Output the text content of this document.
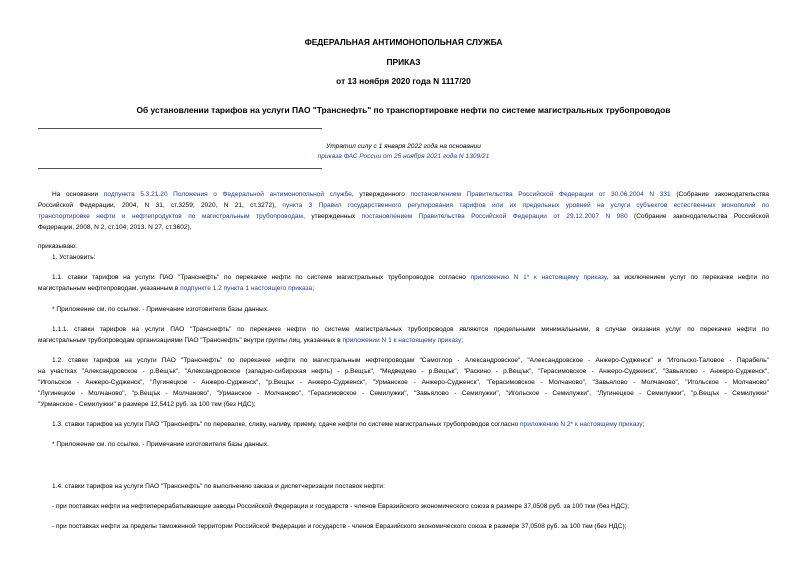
ФЕДЕРАЛЬНАЯ АНТИМОНОПОЛЬНАЯ СЛУЖБА
ПРИКАЗ
от 13 ноября 2020 года N 1117/20
Об установлении тарифов на услуги ПАО "Транснефть" по транспортировке нефти по системе магистральных трубопроводов
Утратил силу с 1 января 2022 года на основании
приказа ФАС России от 25 ноября 2021 года N 1309/21
На основании подпункта 5.3.21.20 Положения о Федеральной антимонопольной службе, утвержденного постановлением Правительства Российской Федерации от 30.06.2004 N 331 (Собрание законодательства
Российской Федерации, 2004, N 31, ст.3259; 2020, N 21, ст.3272), пункта 3 Правил государственного регулирования тарифов или их предельных уровней на услуги субъектов естественных монополий по
транспортировке нефти и нефтепродуктов по магистральным трубопроводам, утвержденных постановлением Правительства Российской Федерации от 29.12.2007 N 980 (Собрание законодательства Российской
Федерации, 2008, N 2, ст.104; 2013, N 27, ст.3602),
приказываю:
1. Установить:
1.1. ставки тарифов на услуги ПАО "Транснефть" по перекачке нефти по системе магистральных трубопроводов согласно приложению N 1* к настоящему приказу, за исключением услуг по перекачке нефти по
магистральным нефтепроводам, указанным в подпункте 1.2 пункта 1 настоящего приказа;
* Приложение см. по ссылке. - Примечание изготовителя базы данных.
1.1.1. ставки тарифов на услуги ПАО "Транснефть" по перекачке нефти по системе магистральных трубопроводов являются предельными минимальными, в случае оказания услуг по перекачке нефти по
магистральным трубопроводам организациями ПАО "Транснефть" внутри группы лиц, указанных в приложении N 1 к настоящему приказу;
1.2. ставки тарифов на услуги ПАО "Транснефть" по перекачке нефти по магистральным нефтепроводам "Самотлор - Александровское", "Александровское - Анжеро-Судженск" и "Игольско-Таловое - Парабель"
на участках "Александровское - р.Вещък", "Александровское (западно-сибирская нефть) - р.Вещък", "Медведево - р.Вещък", "Раскино - р.Вещък", "Герасимовское - Анжеро-Судженск", "Завьялово - Анжеро-Судженск",
"Игольское - Анжеро-Судженск", "Лугинецкое - Анжеро-Судженск", "р.Вещък - Анжеро-Судженск", "Урманское - Анжеро-Судженск", "Герасимовское - Молчаново", "Завьялово - Молчаново", "Игольское - Молчаново"
"Лугинецкое - Молчаново", "р.Вещък - Молчаново", "Урманское - Молчаново", "Герасимовское - Семилужки", "Завьялово - Семилужки", "Игольское - Семилужки", "Лугинецкое - Семилужки", "р.Вещък - Семилужки"
"Урманское - Семилужки" в размере 12,5412 руб. за 100 ткм (без НДС);
1.3. ставки тарифов на услуги ПАО "Транснефть" по перевалке, сливу, наливу, приему, сдаче нефти по системе магистральных трубопроводов согласно приложению N 2* к настоящему приказу;
* Приложение см. по ссылке. - Примечание изготовителя базы данных.
1.4. ставки тарифов на услуги ПАО "Транснефть" по выполнению заказа и диспетчеризации поставок нефти:
- при поставках нефти на нефтеперерабатывающие заводы Российской Федерации и государств - членов Евразийского экономического союза в размере 37,0508 руб. за 100 ткм (без НДС);
- при поставках нефти за пределы таможенной территории Российской Федерации и государств - членов Евразийского экономического союза в размере 37,0508 руб. за 100 ткм (без НДС);
